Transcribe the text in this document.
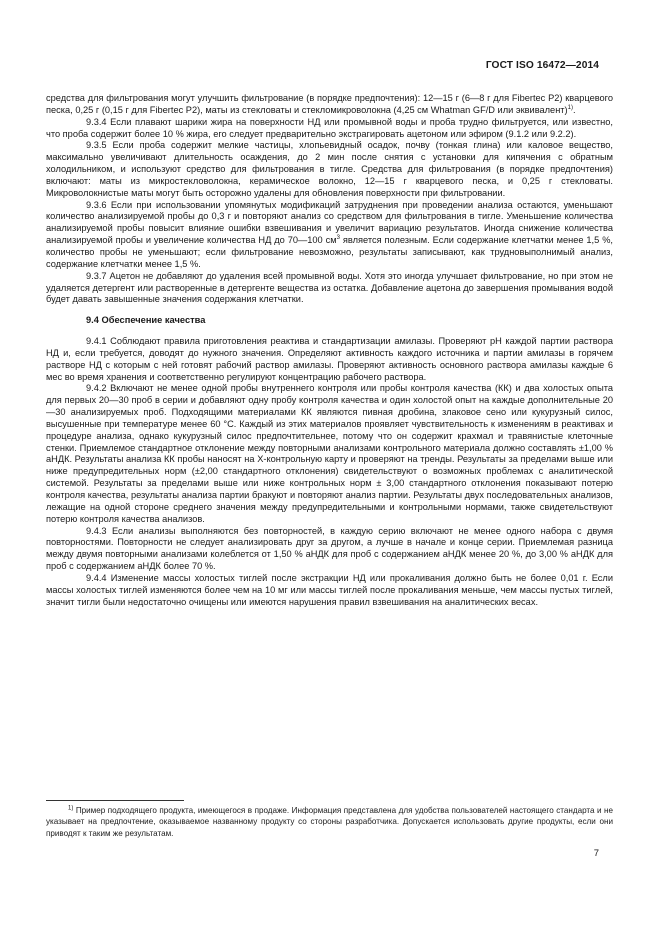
ГОСТ ISO 16472—2014

средства для фильтрования могут улучшить фильтрование (в порядке предпочтения): 12—15 г (6—8 г для Fibertec P2) кварцевого песка, 0,25 г (0,15 г для Fibertec P2), маты из стекловаты и стекломикроволокна (4,25 см Whatman GF/D или эквивалент)$^{1)}$.

9.3.4 Если плавают шарики жира на поверхности НД или промывной воды и проба трудно фильтруется, или известно, что проба содержит более 10 % жира, его следует предварительно экстрагировать ацетоном или эфиром (9.1.2 или 9.2.2).

9.3.5 Если проба содержит мелкие частицы, хлопьевидный осадок, почву (тонкая глина) или каловое вещество, максимально увеличивают длительность осаждения, до 2 мин после снятия с установки для кипячения с обратным холодильником, и используют средство для фильтрования в тигле. Средства для фильтрования (в порядке предпочтения) включают: маты из микростекловолокна, керамическое волокно, 12—15 г кварцевого песка, и 0,25 г стекловаты. Микроволокнистые маты могут быть осторожно удалены для обновления поверхности при фильтровании.

9.3.6 Если при использовании упомянутых модификаций затруднения при проведении анализа остаются, уменьшают количество анализируемой пробы до 0,3 г и повторяют анализ со средством для фильтрования в тигле. Уменьшение количества анализируемой пробы повысит влияние ошибки взвешивания и увеличит вариацию результатов. Иногда снижение количества анализируемой пробы и увеличение количества НД до 70—100 $см^3$ является полезным. Если содержание клетчатки менее 1,5 %, количество пробы не уменьшают; если фильтрование невозможно, результаты записывают, как трудновыполнимый анализ, содержание клетчатки менее 1,5 %.

9.3.7 Ацетон не добавляют до удаления всей промывной воды. Хотя это иногда улучшает фильтрование, но при этом не удаляется детергент или растворенные в детергенте вещества из остатка. Добавление ацетона до завершения промывания водой будет давать завышенные значения содержания клетчатки.

9.4 Обеспечение качества

9.4.1 Соблюдают правила приготовления реактива и стандартизации амилазы. Проверяют pH каждой партии раствора НД и, если требуется, доводят до нужного значения. Определяют активность каждого источника и партии амилазы в горячем растворе НД с которым с ней готовят рабочий раствор амилазы. Проверяют активность основного раствора амилазы каждые 6 мес во время хранения и соответственно регулируют концентрацию рабочего раствора.

9.4.2 Включают не менее одной пробы внутреннего контроля или пробы контроля качества (КК) и два холостых опыта для первых 20—30 проб в серии и добавляют одну пробу контроля качества и один холостой опыт на каждые дополнительные 20—30 анализируемых проб. Подходящими материалами КК являются пивная дробина, злаковое сено или кукурузный силос, высушенные при температуре менее 60 °С. Каждый из этих материалов проявляет чувствительность к изменениям в реактивах и процедуре анализа, однако кукурузный силос предпочтительнее, потому что он содержит крахмал и травянистые клеточные стенки. Приемлемое стандартное отклонение между повторными анализами контрольного материала должно составлять ±1,00 % аНДК. Результаты анализа КК пробы наносят на X-контрольную карту и проверяют на тренды. Результаты за пределами выше или ниже предупредительных норм (±2,00 стандартного отклонения) свидетельствуют о возможных проблемах с аналитической системой. Результаты за пределами выше или ниже контрольных норм ± 3,00 стандартного отклонения показывают потерю контроля качества, результаты анализа партии бракуют и повторяют анализ партии. Результаты двух последовательных анализов, лежащие на одной стороне среднего значения между предупредительными и контрольными нормами, также свидетельствуют потерю контроля качества анализов.

9.4.3 Если анализы выполняются без повторностей, в каждую серию включают не менее одного набора с двумя повторностями. Повторности не следует анализировать друг за другом, а лучше в начале и конце серии. Приемлемая разница между двумя повторными анализами колеблется от 1,50 % аНДК для проб с содержанием аНДК менее 20 %, до 3,00 % аНДК для проб с содержанием аНДК более 70 %.

9.4.4 Изменение массы холостых тиглей после экстракции НД или прокаливания должно быть не более 0,01 г. Если массы холостых тиглей изменяются более чем на 10 мг или массы тиглей после прокаливания меньше, чем массы пустых тиглей, значит тигли были недостаточно очищены или имеются нарушения правил взвешивания на аналитических весах.

$^{1)}$ Пример подходящего продукта, имеющегося в продаже. Информация представлена для удобства пользователей настоящего стандарта и не указывает на предпочтение, оказываемое названному продукту со стороны разработчика. Допускается использовать другие продукты, если они приводят к таким же результатам.

7
